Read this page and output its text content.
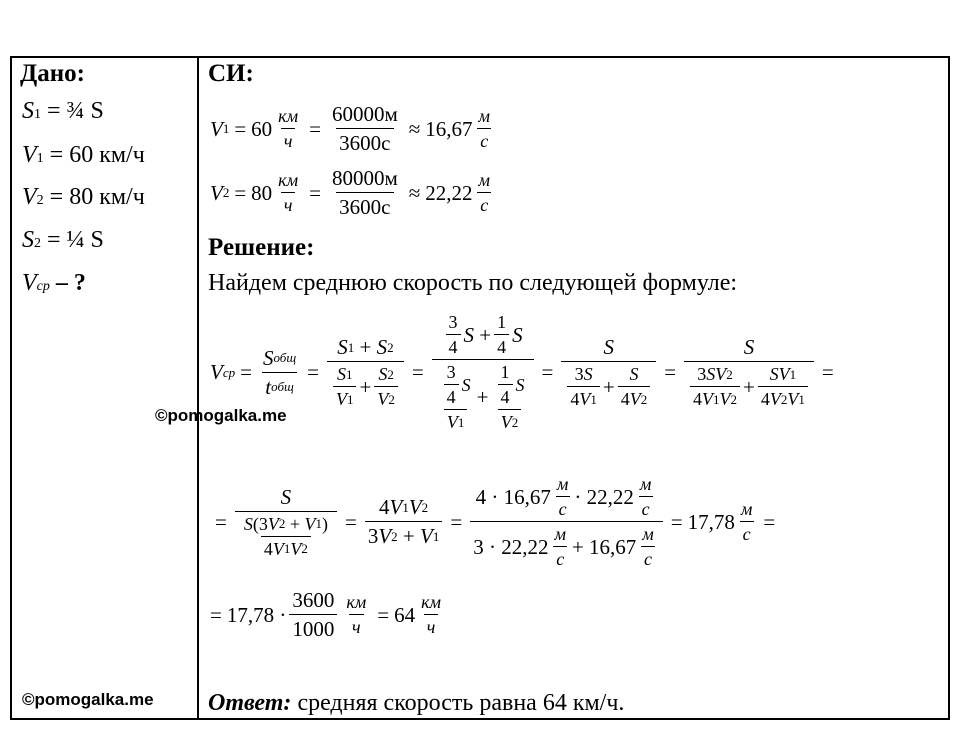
Дано:
S 1 = ¾ S
V 1 = 60 км/ч
V 2 = 80 км/ч
S 2 = ¼ S
V ср – ?
©pomogalka.me
©pomogalka.me
СИ:
V $1 = 60 \frac{км}{ч} = \frac{60000м}{3600с} \approx 16,67 \frac{м}{с}$
V $2 = 80 \frac{км}{ч} = \frac{80000м}{3600с} \approx 22,22 \frac{м}{с}$
Решение:
Найдем среднюю скорость по следующей формуле:
V ср = $\frac{\text{S общ}}{\text{t общ}} = \frac{S 1 + S 2}{\frac{S 1}{V 1} + \frac{S 2}{V 2}} = \frac{\frac{3}{4} S + \frac{1}{4} S}{\frac{\frac{3}{4} S}{V 1} + \frac{\frac{1}{4} S}{V 2}} = \frac{S}{\frac{3 S}{4 V 1} + \frac{S}{4 V 2}} = \frac{S}{\frac{3 SV 2}{4 V 1 V 2} + \frac{SV 1}{4 V 2 V 1}}$ =
= $\frac{S}{\frac{S (3 V 2 + V 1 )}{4 V 1 V 2}} = \frac{4 V 1 V 2}{3 V 2 + V 1} = \frac{4 \cdot 16,67 \frac{м}{с} \cdot 22,22 \frac{м}{с}}{3 \cdot 22,22 \frac{м}{с} + 16,67 \frac{м}{с}} = 17,78 \frac{м}{с}$ =
= $17,78 \cdot \frac{3600}{1000} \frac{км}{ч} = 64 \frac{км}{ч}$
Ответ: средняя скорость равна 64 км/ч.
